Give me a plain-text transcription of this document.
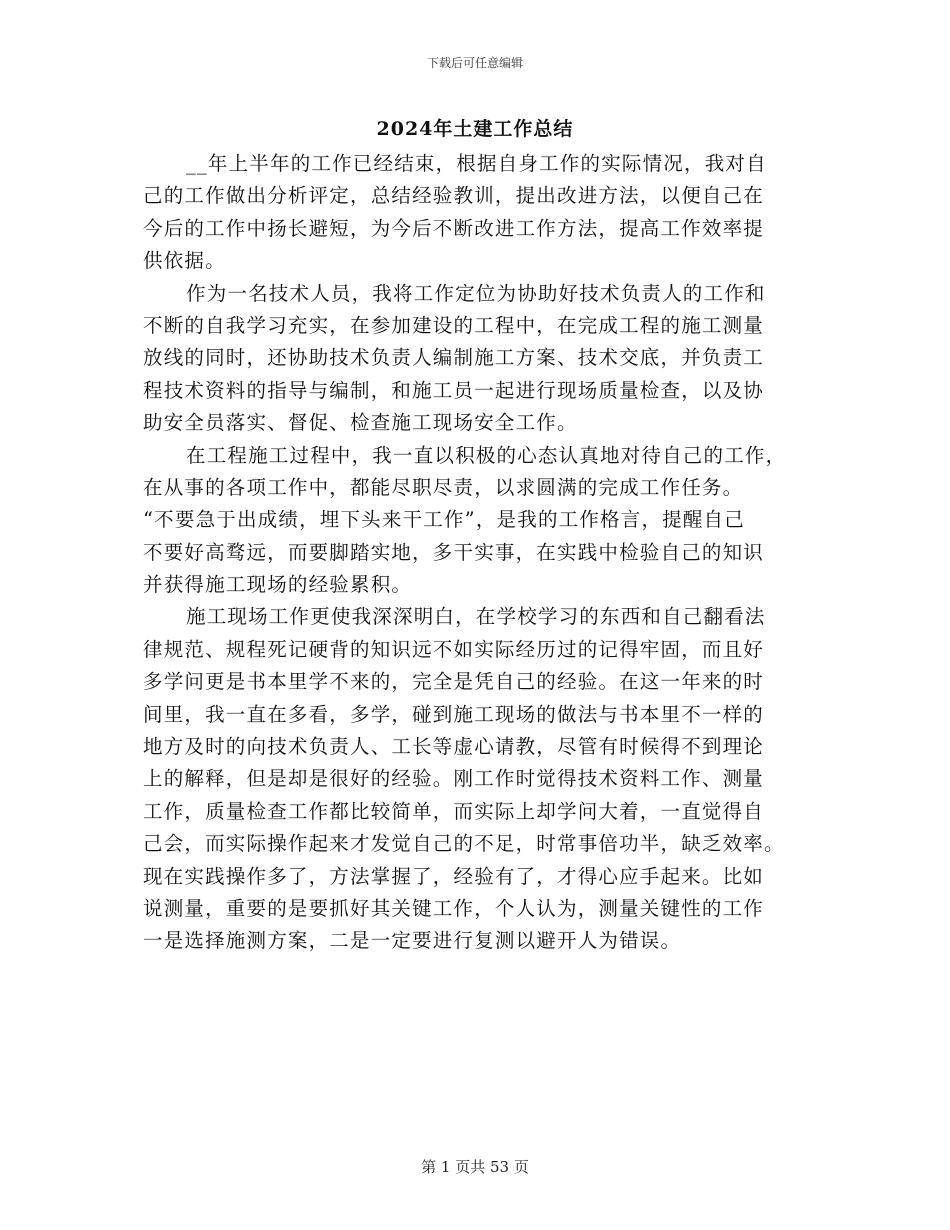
下载后可任意编辑
2024年土建工作总结
__年上半年的工作已经结束，根据自身工作的实际情况，我对自
己的工作做出分析评定，总结经验教训，提出改进方法，以便自己在
今后的工作中扬长避短，为今后不断改进工作方法，提高工作效率提
供依据。
作为一名技术人员，我将工作定位为协助好技术负责人的工作和
不断的自我学习充实，在参加建设的工程中，在完成工程的施工测量
放线的同时，还协助技术负责人编制施工方案、技术交底，并负责工
程技术资料的指导与编制，和施工员一起进行现场质量检查，以及协
助安全员落实、督促、检查施工现场安全工作。
在工程施工过程中，我一直以积极的心态认真地对待自己的工作，
在从事的各项工作中，都能尽职尽责，以求圆满的完成工作任务。
“不要急于出成绩，埋下头来干工作”，是我的工作格言，提醒自己
不要好高骛远，而要脚踏实地，多干实事，在实践中检验自己的知识
并获得施工现场的经验累积。
施工现场工作更使我深深明白，在学校学习的东西和自己翻看法
律规范、规程死记硬背的知识远不如实际经历过的记得牢固，而且好
多学问更是书本里学不来的，完全是凭自己的经验。在这一年来的时
间里，我一直在多看，多学，碰到施工现场的做法与书本里不一样的
地方及时的向技术负责人、工长等虚心请教，尽管有时候得不到理论
上的解释，但是却是很好的经验。刚工作时觉得技术资料工作、测量
工作，质量检查工作都比较简单，而实际上却学问大着，一直觉得自
己会，而实际操作起来才发觉自己的不足，时常事倍功半，缺乏效率。
现在实践操作多了，方法掌握了，经验有了，才得心应手起来。比如
说测量，重要的是要抓好其关键工作，个人认为，测量关键性的工作
一是选择施测方案，二是一定要进行复测以避开人为错误。
第 1 页共 53 页
